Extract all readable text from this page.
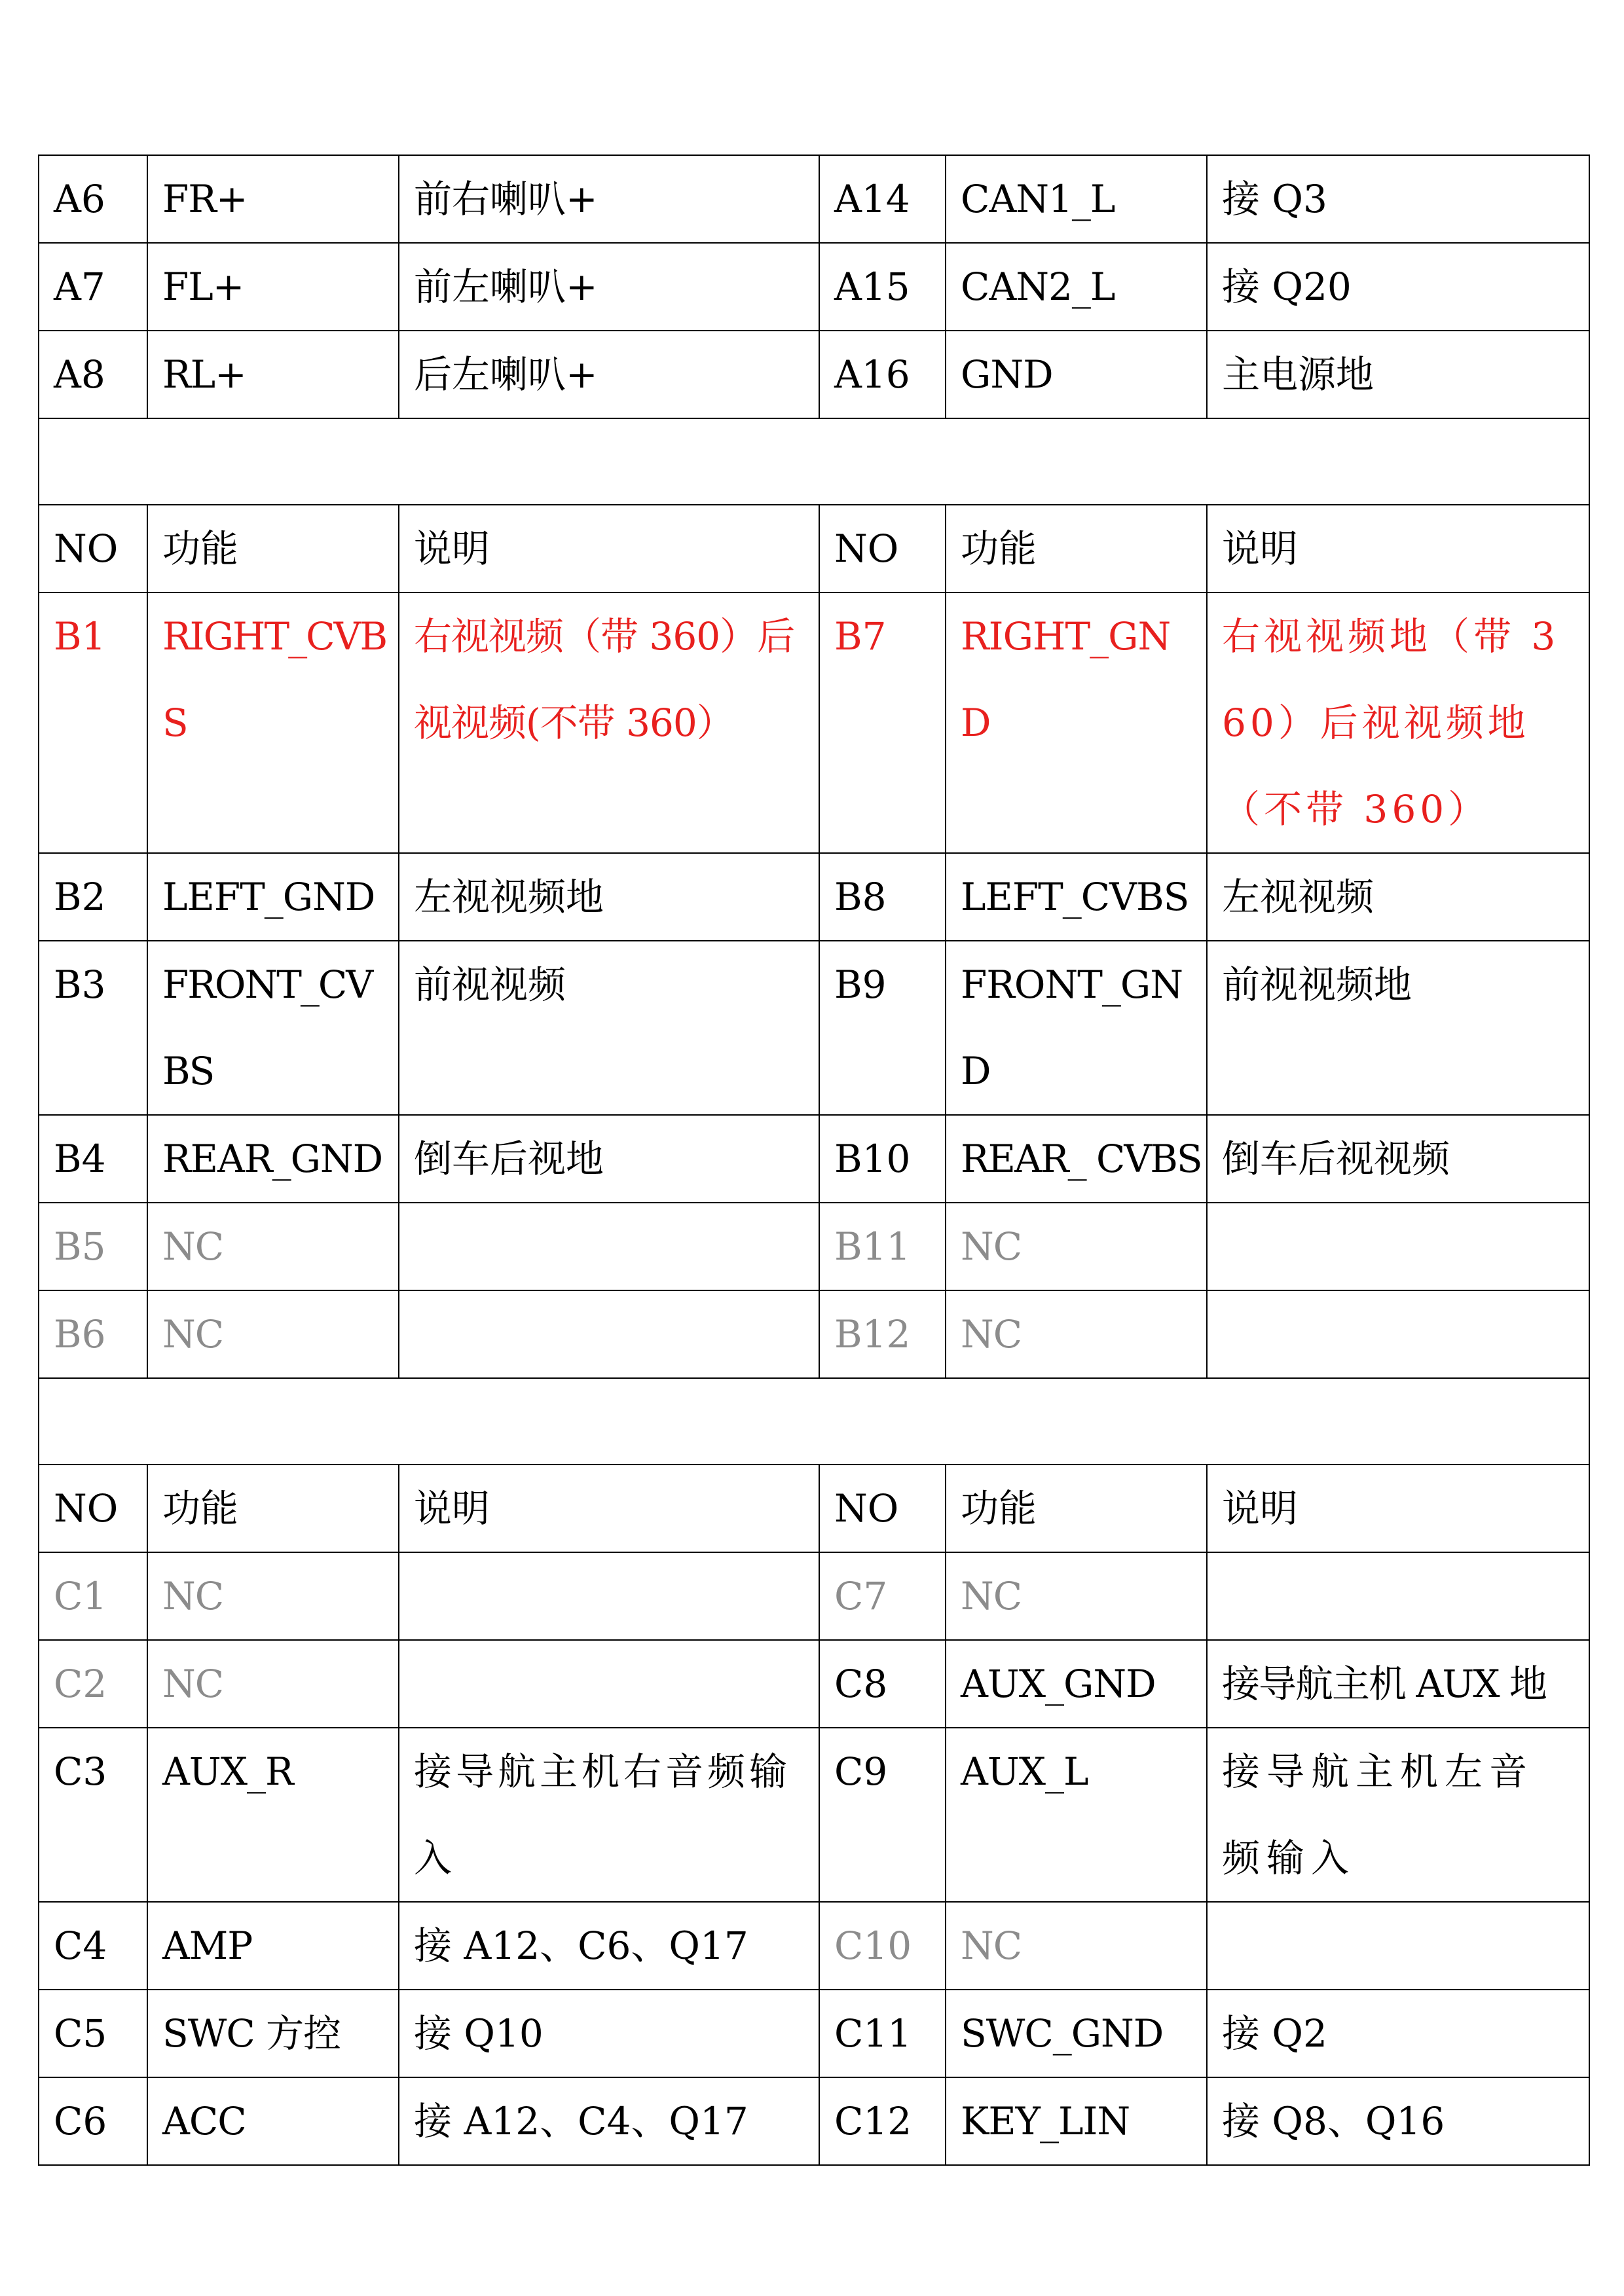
A6	FR+	前右喇叭+	A14	CAN1_L	接 Q3
A7	FL+	前左喇叭+	A15	CAN2_L	接 Q20
A8	RL+	后左喇叭+	A16	GND	主电源地

NO	功能	说明	NO	功能	说明
B1	RIGHT_CVBS	右视视频（带 360）后视视频(不带 360）	B7	RIGHT_GND	右视视频地（带 360）后视视频地（不带 360）
B2	LEFT_GND	左视视频地	B8	LEFT_CVBS	左视视频
B3	FRONT_CVBS	前视视频	B9	FRONT_GND	前视视频地
B4	REAR_GND	倒车后视地	B10	REAR_ CVBS	倒车后视视频
B5	NC		B11	NC	
B6	NC		B12	NC	

NO	功能	说明	NO	功能	说明
C1	NC		C7	NC	
C2	NC		C8	AUX_GND	接导航主机 AUX 地
C3	AUX_R	接导航主机右音频输入	C9	AUX_L	接导航主机左音频输入
C4	AMP	接 A12、C6、Q17	C10	NC	
C5	SWC 方控	接 Q10	C11	SWC_GND	接 Q2
C6	ACC	接 A12、C4、Q17	C12	KEY_LIN	接 Q8、Q16
